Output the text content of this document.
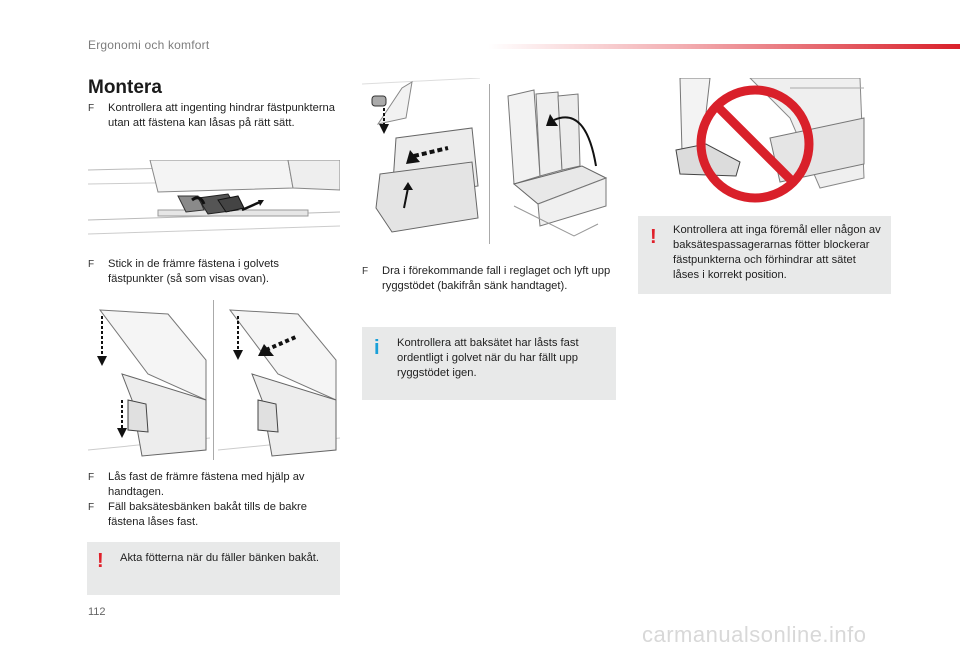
Ergonomi och komfort
Montera
F Kontrollera att ingenting hindrar fästpunkterna utan att fästena kan låsas på rätt sätt.
F Stick in de främre fästena i golvets fästpunkter (så som visas ovan).
F Lås fast de främre fästena med hjälp av handtagen.
F Fäll baksätesbänken bakåt tills de bakre fästena låses fast.
! Akta fötterna när du fäller bänken bakåt.
F Dra i förekommande fall i reglaget och lyft upp ryggstödet (bakifrån sänk handtaget).
i Kontrollera att baksätet har låsts fast ordentligt i golvet när du har fällt upp ryggstödet igen.
! Kontrollera att inga föremål eller någon av baksätespassagerarnas fötter blockerar fästpunkterna och förhindrar att sätet låses i korrekt position.
112
carmanualsonline.info
